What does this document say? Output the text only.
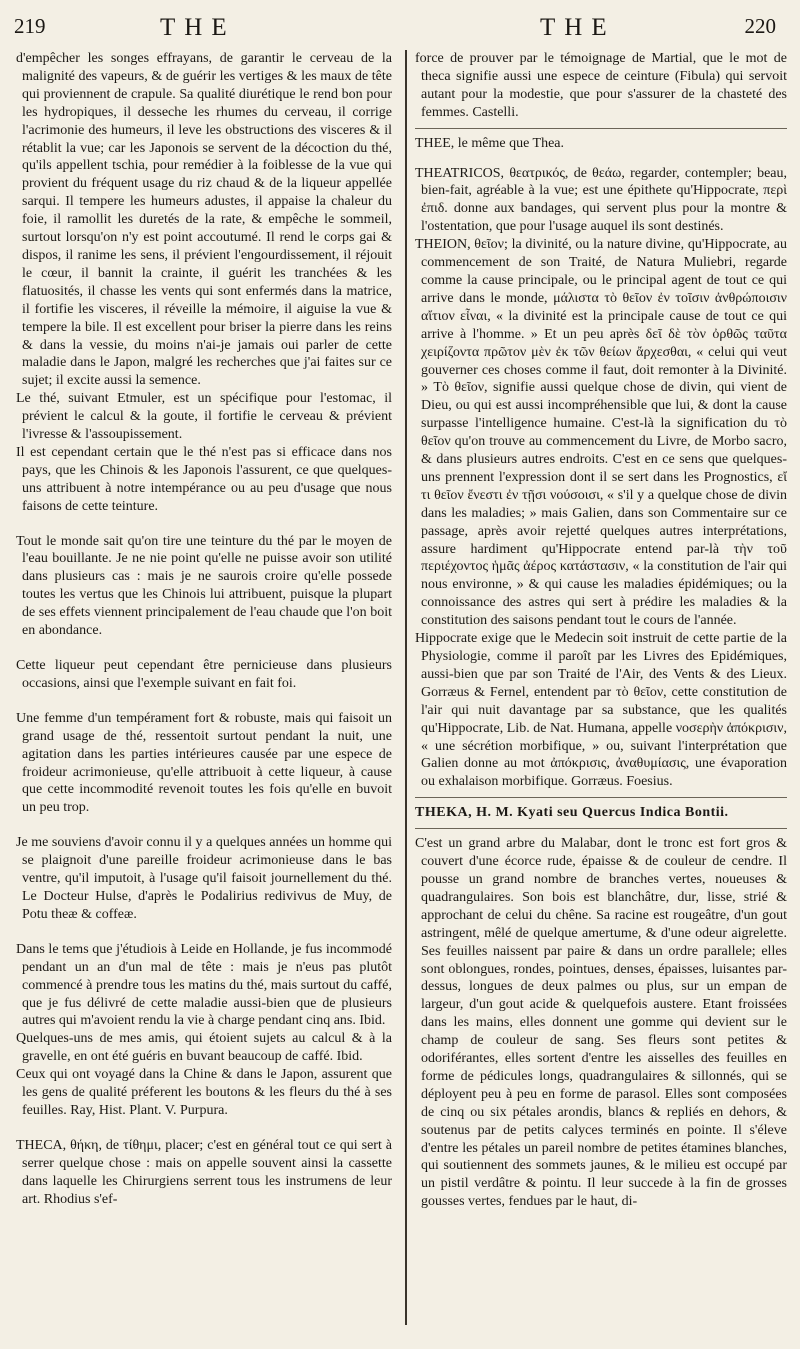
219	THE	THE	220

d'empêcher les songes effrayans, de garantir le cerveau de la malignité des vapeurs, & de guérir les vertiges & les maux de tête qui proviennent de crapule. Sa qualité diurétique le rend bon pour les hydropiques, il desseche les rhumes du cerveau, il corrige l'acrimonie des humeurs, il leve les obstructions des visceres & il rétablit la vue; car les Japonois se servent de la décoction du thé, qu'ils appellent tschia, pour remédier à la foiblesse de la vue qui provient du fréquent usage du riz chaud & de la liqueur appellée sarqui. Il tempere les humeurs adustes, il appaise la chaleur du foie, il ramollit les duretés de la rate, & empêche le sommeil, surtout lorsqu'on n'y est point accoutumé. Il rend le corps gai & dispos, il ranime les sens, il prévient l'engourdissement, il réjouit le cœur, il bannit la crainte, il guérit les tranchées & les flatuosités, il chasse les vents qui sont enfermés dans la matrice, il fortifie les visceres, il réveille la mémoire, il aiguise la vue & tempere la bile. Il est excellent pour briser la pierre dans les reins & dans la vessie, du moins n'ai-je jamais oui parler de cette maladie dans le Japon, malgré les recherches que j'ai faites sur ce sujet; il excite aussi la semence.

Le thé, suivant Etmuler, est un spécifique pour l'estomac, il prévient le calcul & la goute, il fortifie le cerveau & prévient l'ivresse & l'assoupissement.

Il est cependant certain que le thé n'est pas si efficace dans nos pays, que les Chinois & les Japonois l'assurent, ce que quelques-uns attribuent à notre intempérance ou au peu d'usage que nous faisons de cette teinture.

Tout le monde sait qu'on tire une teinture du thé par le moyen de l'eau bouillante. Je ne nie point qu'elle ne puisse avoir son utilité dans plusieurs cas : mais je ne saurois croire qu'elle possede toutes les vertus que les Chinois lui attribuent, puisque la plupart de ses effets viennent principalement de l'eau chaude que l'on boit en abondance.

Cette liqueur peut cependant être pernicieuse dans plusieurs occasions, ainsi que l'exemple suivant en fait foi.

Une femme d'un tempérament fort & robuste, mais qui faisoit un grand usage de thé, ressentoit surtout pendant la nuit, une agitation dans les parties intérieures causée par une espece de froideur acrimonieuse, qu'elle attribuoit à cette liqueur, à cause que cette incommodité revenoit toutes les fois qu'elle en buvoit un peu trop.

Je me souviens d'avoir connu il y a quelques années un homme qui se plaignoit d'une pareille froideur acrimonieuse dans le bas ventre, qu'il imputoit, à l'usage qu'il faisoit journellement du thé. Le Docteur Hulse, d'après le Podalirius redivivus de Muy, de Potu theæ & coffeæ.

Dans le tems que j'étudiois à Leide en Hollande, je fus incommodé pendant un an d'un mal de tête : mais je n'eus pas plutôt commencé à prendre tous les matins du thé, mais surtout du caffé, que je fus délivré de cette maladie aussi-bien que de plusieurs autres qui m'avoient rendu la vie à charge pendant cinq ans. Ibid.

Quelques-uns de mes amis, qui étoient sujets au calcul & à la gravelle, en ont été guéris en buvant beaucoup de caffé. Ibid.

Ceux qui ont voyagé dans la Chine & dans le Japon, assurent que les gens de qualité préferent les boutons & les fleurs du thé à ses feuilles. Ray, Hist. Plant. V. Purpura.

THECA, θήκη, de τίθημι, placer; c'est en général tout ce qui sert à serrer quelque chose : mais on appelle souvent ainsi la cassette dans laquelle les Chirurgiens serrent tous les instrumens de leur art. Rhodius s'ef-

force de prouver par le témoignage de Martial, que le mot de theca signifie aussi une espece de ceinture (Fibula) qui servoit autant pour la modestie, que pour s'assurer de la chasteté des femmes. Castelli.

THEE, le même que Thea.

THEATRICOS, θεατρικός, de θεάω, regarder, contempler; beau, bien-fait, agréable à la vue; est une épithete qu'Hippocrate, περὶ ἐπιδ. donne aux bandages, qui servent plus pour la montre & l'ostentation, que pour l'usage auquel ils sont destinés.

THEION, θεῖον; la divinité, ou la nature divine, qu'Hippocrate, au commencement de son Traité, de Natura Muliebri, regarde comme la cause principale, ou le principal agent de tout ce qui arrive dans le monde, μάλιστα τὸ θεῖον ἐν τοῖσιν ἀνθρώποισιν αἴτιον εἶναι, « la divinité est la principale cause de tout ce qui arrive à l'homme. » Et un peu après δεῖ δὲ τὸν ὀρθῶς ταῦτα χειρίζοντα πρῶτον μὲν ἐκ τῶν θείων ἄρχεσθαι, « celui qui veut gouverner ces choses comme il faut, doit remonter à la Divinité. » Τὸ θεῖον, signifie aussi quelque chose de divin, qui vient de Dieu, ou qui est aussi incompréhensible que lui, & dont la cause surpasse l'intelligence humaine. C'est-là la signification du τὸ θεῖον qu'on trouve au commencement du Livre, de Morbo sacro, & dans plusieurs autres endroits. C'est en ce sens que quelques-uns prennent l'expression dont il se sert dans les Prognostics, εἴ τι θεῖον ἔνεστι ἐν τῇσι νούσοισι, « s'il y a quelque chose de divin dans les maladies; » mais Galien, dans son Commentaire sur ce passage, après avoir rejetté quelques autres interprétations, assure hardiment qu'Hippocrate entend par-là τὴν τοῦ περιέχοντος ἡμᾶς ἀέρος κατάστασιν, « la constitution de l'air qui nous environne, » & qui cause les maladies épidémiques; ou la connoissance des astres qui sert à prédire les maladies & la constitution des saisons pendant tout le cours de l'année.

Hippocrate exige que le Medecin soit instruit de cette partie de la Physiologie, comme il paroît par les Livres des Epidémiques, aussi-bien que par son Traité de l'Air, des Vents & des Lieux. Gorræus & Fernel, entendent par τὸ θεῖον, cette constitution de l'air qui nuit davantage par sa substance, que les qualités qu'Hippocrate, Lib. de Nat. Humana, appelle νοσερὴν ἀπόκρισιν, « une sécrétion morbifique, » ou, suivant l'interprétation que Galien donne au mot ἀπόκρισις, ἀναθυμίασις, une évaporation ou exhalaison morbifique. Gorræus. Foesius.

THEKA, H. M. Kyati seu Quercus Indica Bontii.

C'est un grand arbre du Malabar, dont le tronc est fort gros & couvert d'une écorce rude, épaisse & de couleur de cendre. Il pousse un grand nombre de branches vertes, noueuses & quadrangulaires. Son bois est blanchâtre, dur, lisse, strié & approchant de celui du chêne. Sa racine est rougeâtre, d'un gout astringent, mêlé de quelque amertume, & d'une odeur aigrelette. Ses feuilles naissent par paire & dans un ordre parallele; elles sont oblongues, rondes, pointues, denses, épaisses, luisantes par-dessus, longues de deux palmes ou plus, sur un empan de largeur, d'un gout acide & quelquefois austere. Etant froissées dans les mains, elles donnent une gomme qui devient sur le champ de couleur de sang. Ses fleurs sont petites & odoriférantes, elles sortent d'entre les aisselles des feuilles en forme de pédicules longs, quadrangulaires & sillonnés, qui se déployent peu à peu en forme de parasol. Elles sont composées de cinq ou six pétales arondis, blancs & repliés en dehors, & soutenus par de petits calyces terminés en pointe. Il s'éleve d'entre les pétales un pareil nombre de petites étamines blanches, qui soutiennent des sommets jaunes, & le milieu est occupé par un pistil verdâtre & pointu. Il leur succede à la fin de grosses gousses vertes, fendues par le haut, di-
